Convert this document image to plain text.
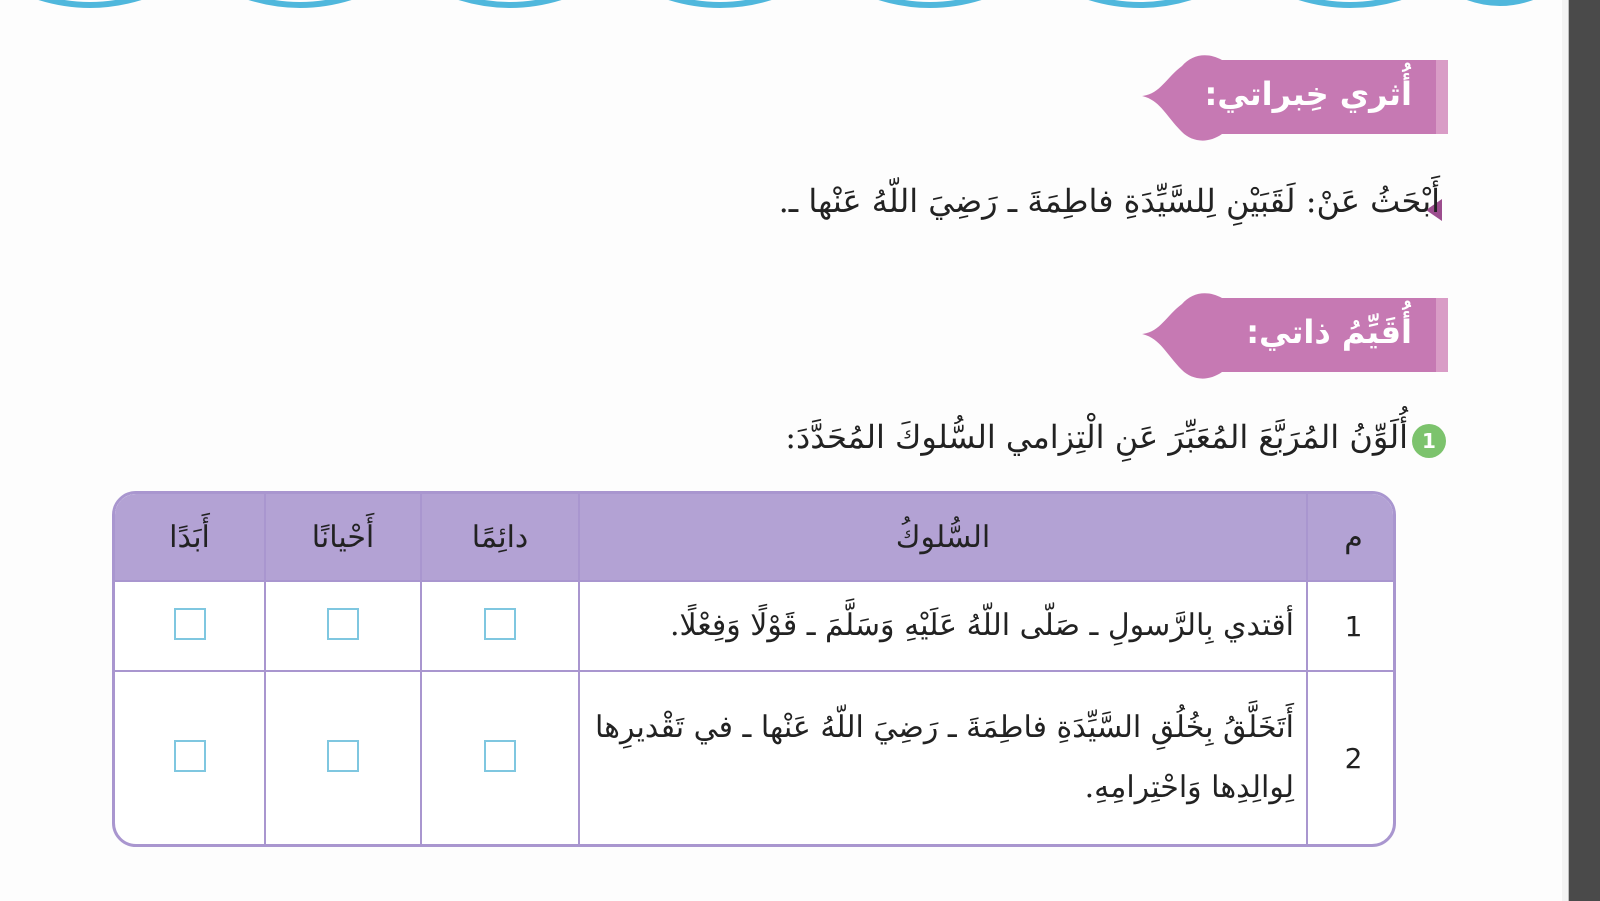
أُثري خِبراتي:
أَبْحَثُ عَنْ: لَقَبَيْنِ لِلسَّيِّدَةِ فاطِمَةَ ـ رَضِيَ اللّهُ عَنْها ـ.
أُقَيِّمُ ذاتي:
1
أُلَوِّنُ المُرَبَّعَ المُعَبِّرَ عَنِ الْتِزامي السُّلوكَ المُحَدَّدَ:
م	السُّلوكُ	دائِمًا	أَحْيانًا	أَبَدًا
1	أقتدي بِالرَّسولِ ـ صَلّى اللّهُ عَلَيْهِ وَسَلَّمَ ـ قَوْلًا وَفِعْلًا.			
2	أَتَخَلَّقُ بِخُلُقِ السَّيِّدَةِ فاطِمَةَ ـ رَضِيَ اللّهُ عَنْها ـ في تَقْديرِها لِوالِدِها وَاحْتِرامِهِ.			
